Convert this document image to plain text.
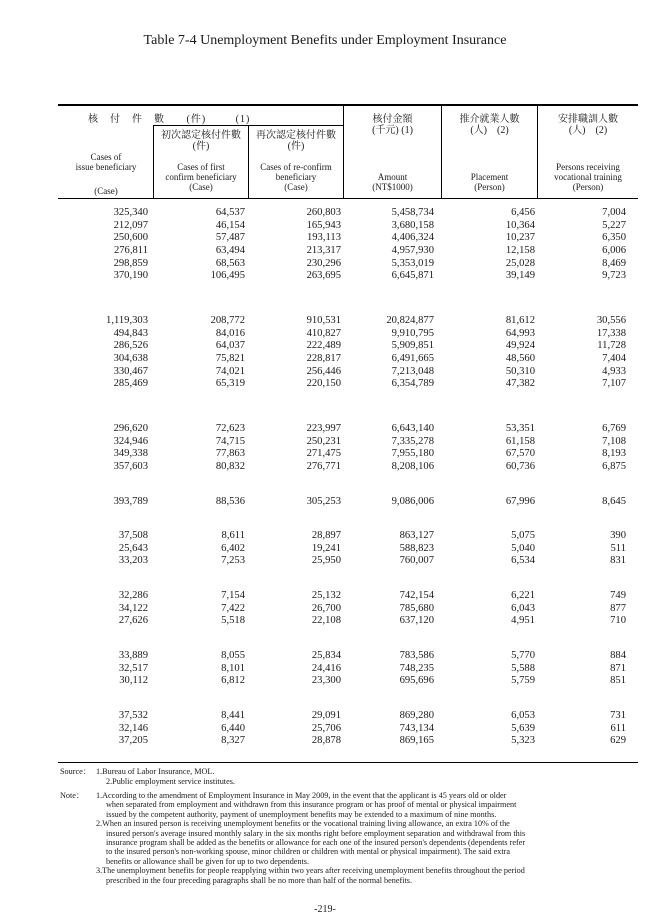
Table 7-4 Unemployment Benefits under Employment Insurance
核　付　件　數 (件)	(1)
Cases of
issue beneficiary

(Case)
初次認定核付件數
(件)
Cases of first
confirm beneficiary
(Case)
再次認定核付件數
(件)
Cases of re-confirm
beneficiary
(Case)
核付金額
(千元) (1)
Amount
(NT$1000)
推介就業人數
(人)　(2)
Placement
(Person)
安排職訓人數
(人)　(2)
Persons receiving
vocational training
(Person)
325,340	64,537	260,803	5,458,734	6,456	7,004
212,097	46,154	165,943	3,680,158	10,364	5,227
250,600	57,487	193,113	4,406,324	10,237	6,350
276,811	63,494	213,317	4,957,930	12,158	6,006
298,859	68,563	230,296	5,353,019	25,028	8,469
370,190	106,495	263,695	6,645,871	39,149	9,723
1,119,303	208,772	910,531	20,824,877	81,612	30,556
494,843	84,016	410,827	9,910,795	64,993	17,338
286,526	64,037	222,489	5,909,851	49,924	11,728
304,638	75,821	228,817	6,491,665	48,560	7,404
330,467	74,021	256,446	7,213,048	50,310	4,933
285,469	65,319	220,150	6,354,789	47,382	7,107
296,620	72,623	223,997	6,643,140	53,351	6,769
324,946	74,715	250,231	7,335,278	61,158	7,108
349,338	77,863	271,475	7,955,180	67,570	8,193
357,603	80,832	276,771	8,208,106	60,736	6,875
393,789	88,536	305,253	9,086,006	67,996	8,645
37,508	8,611	28,897	863,127	5,075	390
25,643	6,402	19,241	588,823	5,040	511
33,203	7,253	25,950	760,007	6,534	831
32,286	7,154	25,132	742,154	6,221	749
34,122	7,422	26,700	785,680	6,043	877
27,626	5,518	22,108	637,120	4,951	710
33,889	8,055	25,834	783,586	5,770	884
32,517	8,101	24,416	748,235	5,588	871
30,112	6,812	23,300	695,696	5,759	851
37,532	8,441	29,091	869,280	6,053	731
32,146	6,440	25,706	743,134	5,639	611
37,205	8,327	28,878	869,165	5,323	629
Source： 1.Bureau of Labor Insurance, MOL.
2.Public employment service institutes.
Note： 1.According to the amendment of Employment Insurance in May 2009, in the event that the applicant is 45 years old or older
when separated from employment and withdrawn from this insurance program or has proof of mental or physical impairment
issued by the competent authority, payment of unemployment benefits may be extended to a maximum of nine months.
2.When an insured person is receiving unemployment benefits or the vocational training living allowance, an extra 10% of the
insured person's average insured monthly salary in the six months right before employment separation and withdrawal from this
insurance program shall be added as the benefits or allowance for each one of the insured person's dependents (dependents refer
to the insured person's non-working spouse, minor children or children with mental or physical impairment). The said extra
benefits or allowance shall be given for up to two dependents.
3.The unemployment benefits for people reapplying within two years after receiving unemployment benefits throughout the period
prescribed in the four preceding paragraphs shall be no more than half of the normal benefits.
-219-
